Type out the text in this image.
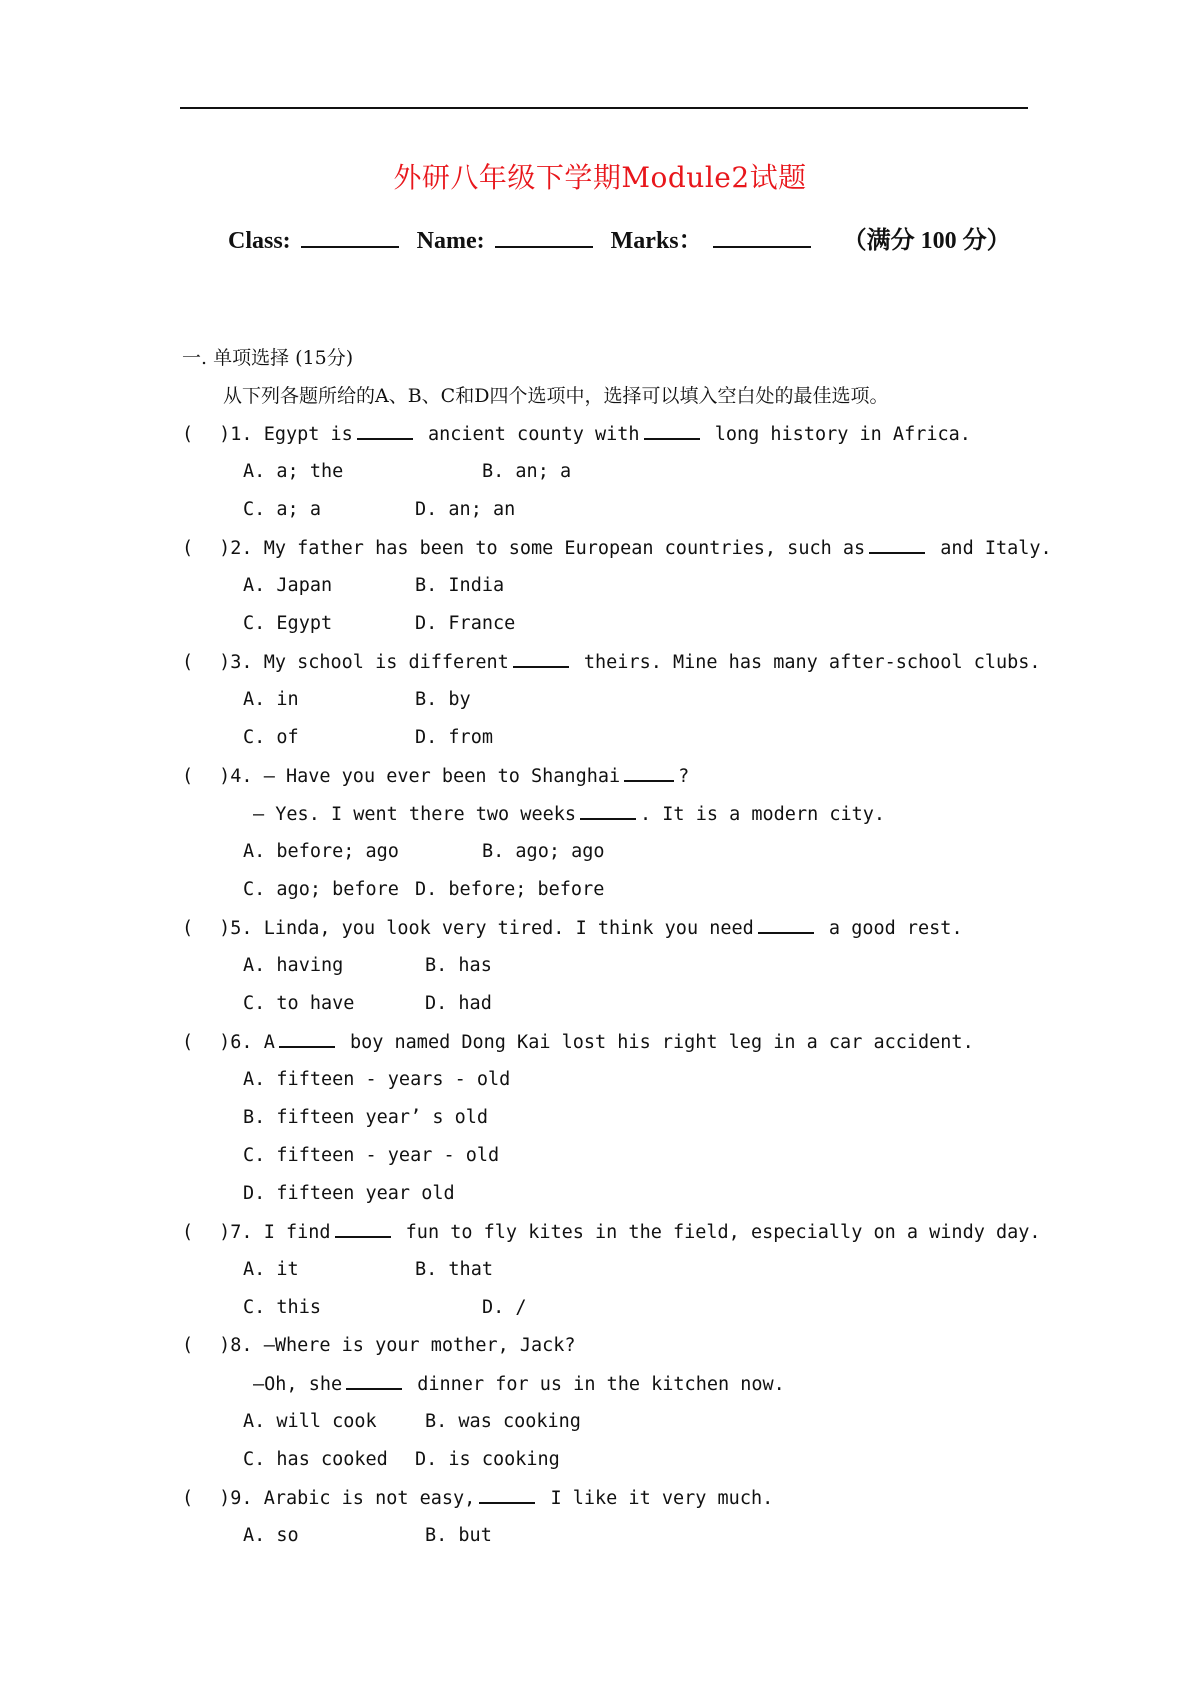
外研八年级下学期Module2试题
Class:	Name:	Marks：	（满分 100 分）
一. 单项选择 (15分)
从下列各题所给的A、B、C和D四个选项中，选择可以填入空白处的最佳选项。
( )1. Egypt is	ancient county with	long history in Africa.
A. a; the	B. an; a
C. a; a	D. an; an
( )2. My father has been to some European countries, such as	and Italy.
A. Japan	B. India
C. Egypt	D. France
( )3. My school is different	theirs. Mine has many after-school clubs.
A. in	B. by
C. of	D. from
( )4. — Have you ever been to Shanghai	?
— Yes. I went there two weeks	. It is a modern city.
A. before; ago	B. ago; ago
C. ago; before D. before; before
( )5. Linda, you look very tired. I think you need	a good rest.
A. having	B. has
C. to have	D. had
( )6. A	boy named Dong Kai lost his right leg in a car accident.
A. fifteen - years - old
B. fifteen year’ s old
C. fifteen - year - old
D. fifteen year old
( )7. I find	fun to fly kites in the field, especially on a windy day.
A. it	B. that
C. this	D. /
( )8. —Where is your mother, Jack?
—Oh, she	dinner for us in the kitchen now.
A. will cook	B. was cooking
C. has cooked D. is cooking
( )9. Arabic is not easy,	I like it very much.
A. so	B. but
